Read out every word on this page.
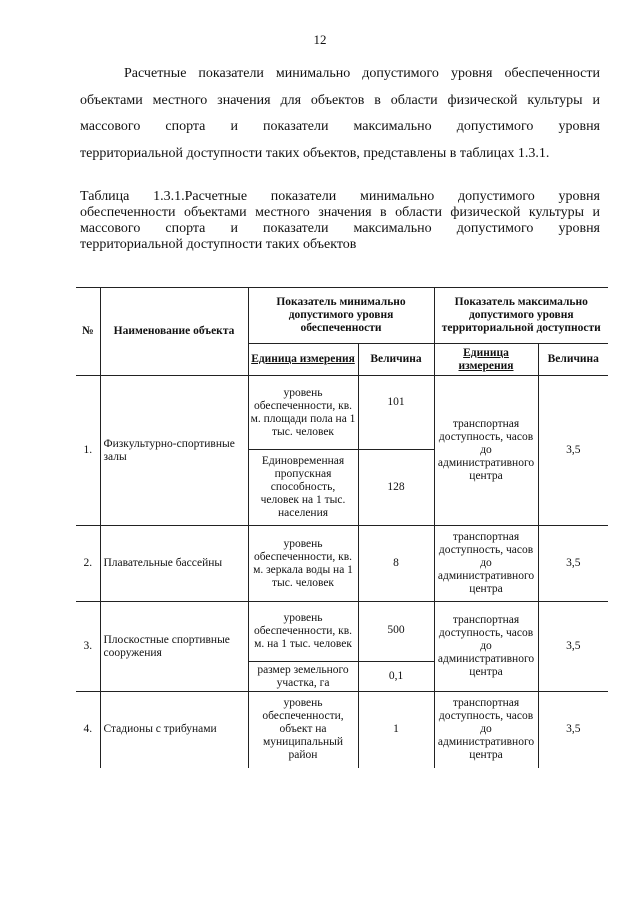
12
Расчетные показатели минимально допустимого уровня обеспеченности
объектами местного значения для объектов в области физической культуры и
массового спорта и показатели максимально допустимого уровня
территориальной доступности таких объектов, представлены в таблицах 1.3.1.
Таблица 1.3.1.Расчетные показатели минимально допустимого уровня
обеспеченности объектами местного значения в области физической культуры и
массового спорта и показатели максимально допустимого уровня
территориальной доступности таких объектов
№	Наименование объекта	Показатель минимально допустимого уровня обеспеченности		Показатель максимально допустимого уровня территориальной доступности	
		Единица измерения	Величина	Единица измерения	Величина
1.	Физкультурно-спортивные залы	уровень обеспеченности, кв. м. площади пола на 1 тыс. человек	101	транспортная доступность, часов до административного центра	3,5
		Единовременная пропускная способность, человек на 1 тыс. населения	128		
2.	Плавательные бассейны	уровень обеспеченности, кв. м. зеркала воды на 1 тыс. человек	8	транспортная доступность, часов до административного центра	3,5
3.	Плоскостные спортивные сооружения	уровень обеспеченности, кв. м. на 1 тыс. человек	500	транспортная доступность, часов до административного центра	3,5
		размер земельного участка, га	0,1		
4.	Стадионы с трибунами	уровень обеспеченности, объект на муниципальный район	1	транспортная доступность, часов до административного центра	3,5
